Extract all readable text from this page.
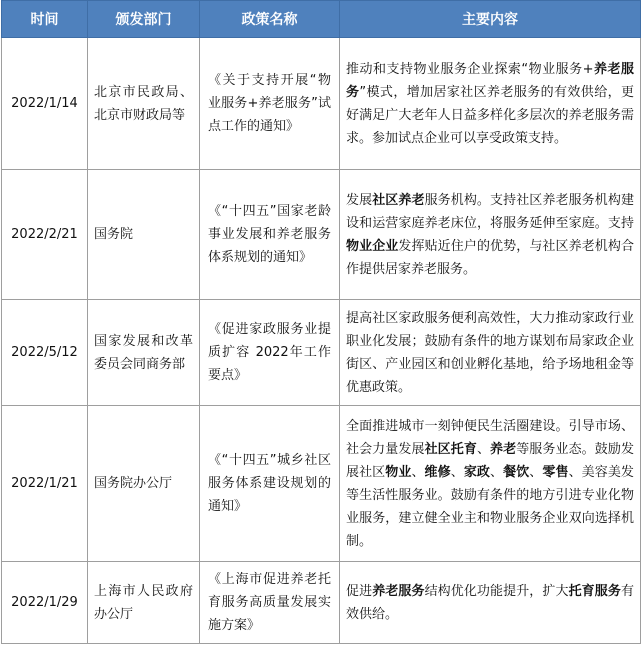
时间	颁发部门	政策名称	主要内容
2022/1/14	北京市民政局、北京市财政局等	《关于支持开展“物业服务+养老服务”试点工作的通知》	推动和支持物业服务企业探索“物业服务+养老服务”模式，增加居家社区养老服务的有效供给，更好满足广大老年人日益多样化多层次的养老服务需求。参加试点企业可以享受政策支持。
2022/2/21	国务院	《“十四五”国家老龄事业发展和养老服务体系规划的通知》	发展社区养老服务机构。支持社区养老服务机构建设和运营家庭养老床位，将服务延伸至家庭。支持物业企业发挥贴近住户的优势，与社区养老机构合作提供居家养老服务。
2022/5/12	国家发展和改革委员会同商务部	《促进家政服务业提质扩容 2022年工作要点》	提高社区家政服务便利高效性，大力推动家政行业职业化发展；鼓励有条件的地方谋划布局家政企业街区、产业园区和创业孵化基地，给予场地租金等优惠政策。
2022/1/21	国务院办公厅	《“十四五”城乡社区服务体系建设规划的通知》	全面推进城市一刻钟便民生活圈建设。引导市场、社会力量发展社区托育、养老等服务业态。鼓励发展社区物业、维修、家政、餐饮、零售、美容美发等生活性服务业。鼓励有条件的地方引进专业化物业服务，建立健全业主和物业服务企业双向选择机制。
2022/1/29	上海市人民政府办公厅	《上海市促进养老托育服务高质量发展实施方案》	促进养老服务结构优化功能提升，扩大托育服务有效供给。
